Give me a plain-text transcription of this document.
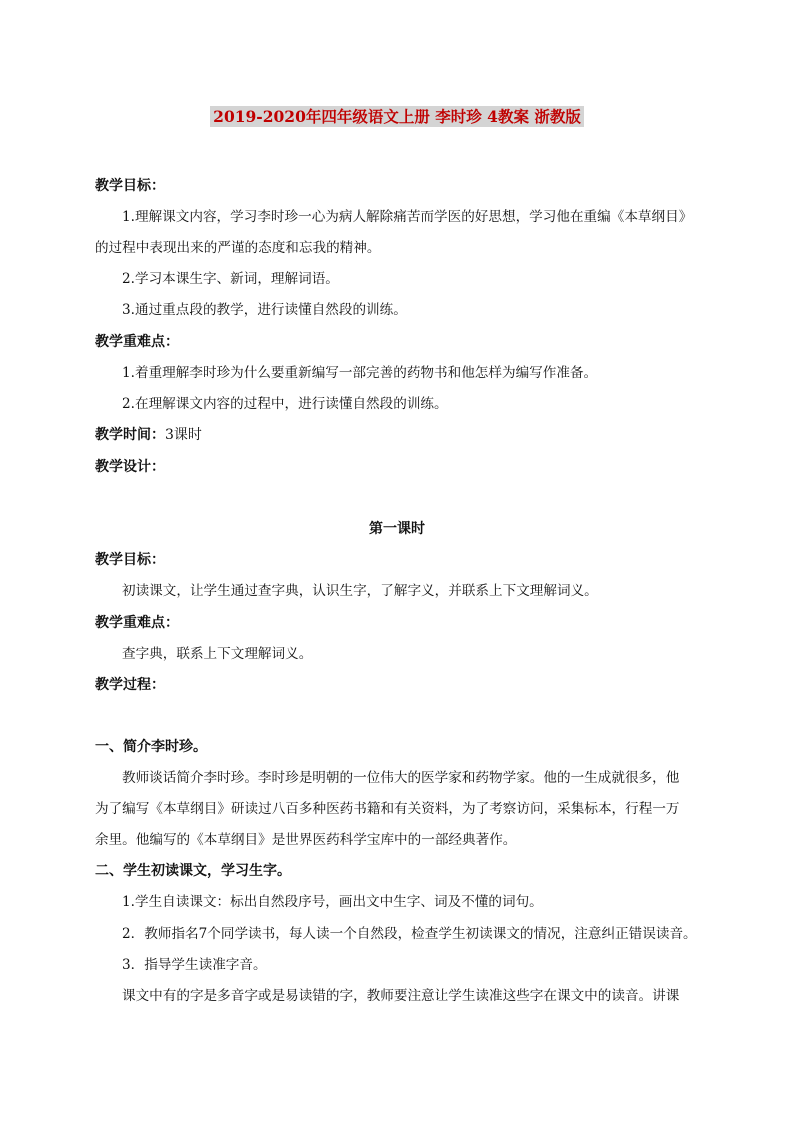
2019-2020年四年级语文上册 李时珍 4教案 浙教版
教学目标：
1.理解课文内容，学习李时珍一心为病人解除痛苦而学医的好思想，学习他在重编《本草纲目》
的过程中表现出来的严谨的态度和忘我的精神。
2.学习本课生字、新词，理解词语。
3.通过重点段的教学，进行读懂自然段的训练。
教学重难点：
1.着重理解李时珍为什么要重新编写一部完善的药物书和他怎样为编写作准备。
2.在理解课文内容的过程中，进行读懂自然段的训练。
教学时间：3课时
教学设计：
第一课时
教学目标：
初读课文，让学生通过查字典，认识生字，了解字义，并联系上下文理解词义。
教学重难点：
查字典，联系上下文理解词义。
教学过程：
一、简介李时珍。
教师谈话简介李时珍。李时珍是明朝的一位伟大的医学家和药物学家。他的一生成就很多，他
为了编写《本草纲目》研读过八百多种医药书籍和有关资料，为了考察访问，采集标本，行程一万
余里。他编写的《本草纲目》是世界医药科学宝库中的一部经典著作。
二、学生初读课文，学习生字。
1.学生自读课文：标出自然段序号，画出文中生字、词及不懂的词句。
2．教师指名7个同学读书，每人读一个自然段，检查学生初读课文的情况，注意纠正错误读音。
3．指导学生读准字音。
课文中有的字是多音字或是易读错的字，教师要注意让学生读准这些字在课文中的读音。讲课
